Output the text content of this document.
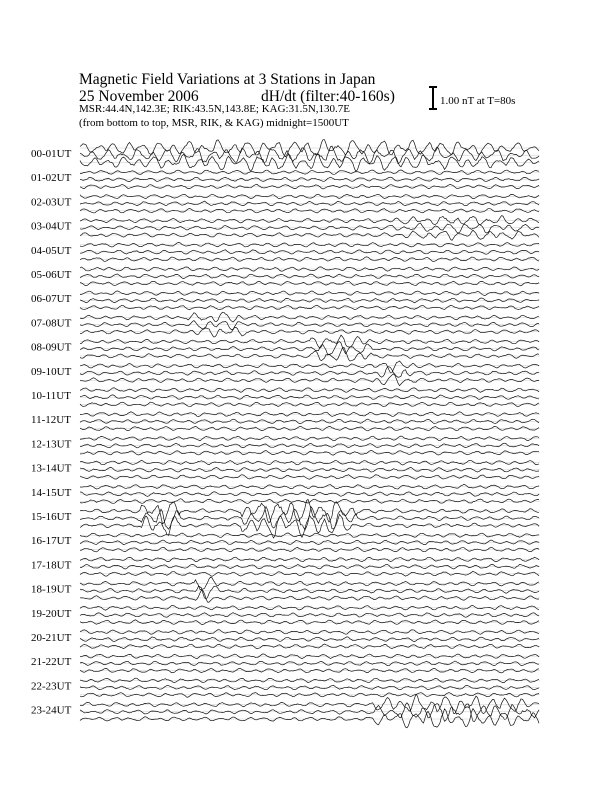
Magnetic Field Variations at 3 Stations in Japan
25 November 2006	dH/dt (filter:40-160s)
MSR:44.4N,142.3E; RIK:43.5N,143.8E; KAG:31.5N,130.7E
(from bottom to top, MSR, RIK, & KAG) midnight=1500UT
1.00 nT at T=80s
00-01UT
01-02UT
02-03UT
03-04UT
04-05UT
05-06UT
06-07UT
07-08UT
08-09UT
09-10UT
10-11UT
11-12UT
12-13UT
13-14UT
14-15UT
15-16UT
16-17UT
17-18UT
18-19UT
19-20UT
20-21UT
21-22UT
22-23UT
23-24UT
